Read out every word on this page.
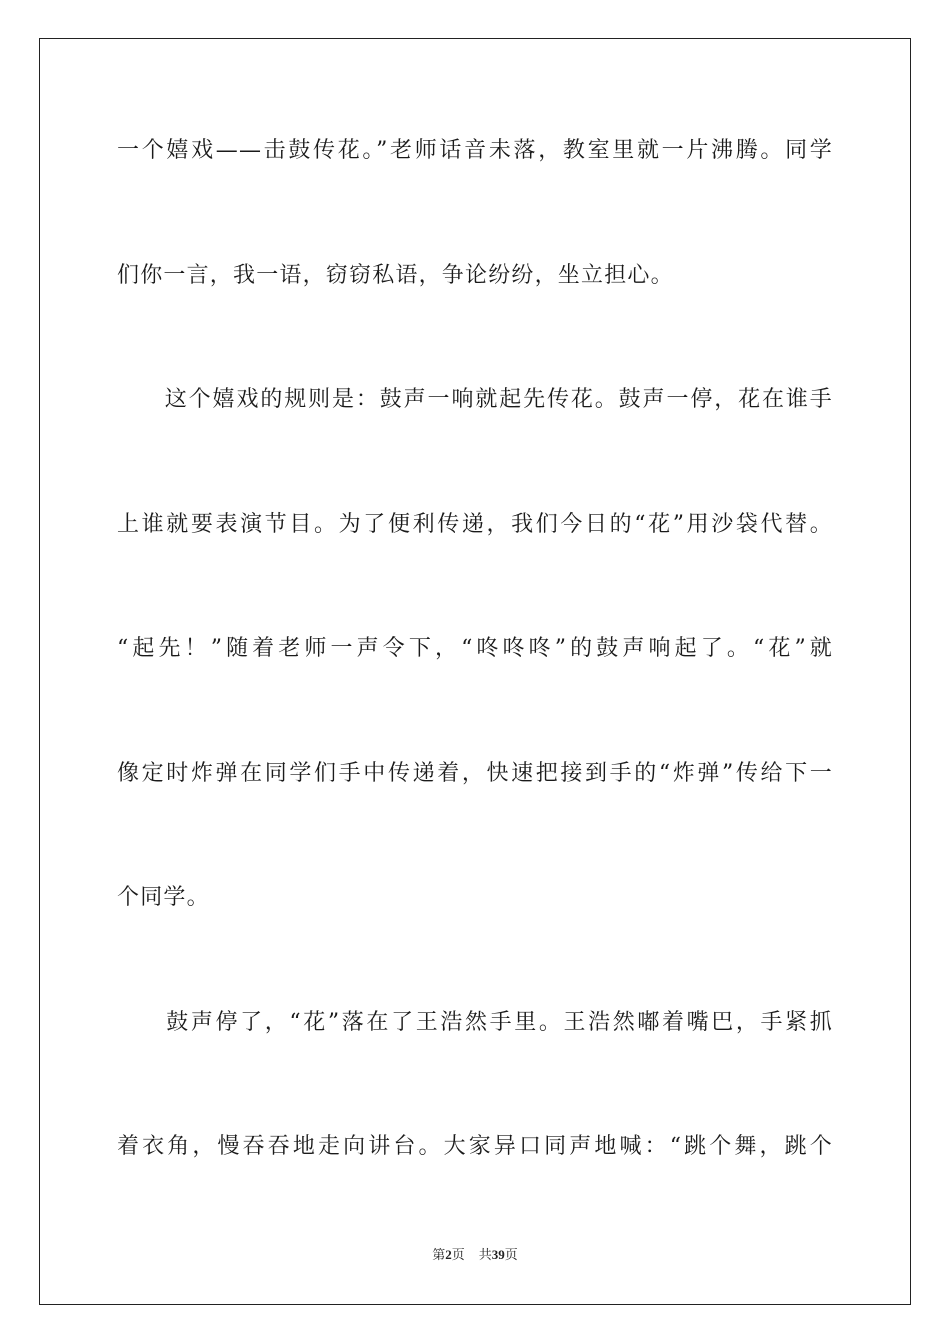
一个嬉戏——击鼓传花。”老师话音未落，教室里就一片沸腾。同学
们你一言，我一语，窃窃私语，争论纷纷，坐立担心。
　　这个嬉戏的规则是：鼓声一响就起先传花。鼓声一停，花在谁手
上谁就要表演节目。为了便利传递，我们今日的“花”用沙袋代替。
“起先！”随着老师一声令下，“咚咚咚”的鼓声响起了。“花”就
像定时炸弹在同学们手中传递着，快速把接到手的“炸弹”传给下一
个同学。
　　鼓声停了，“花”落在了王浩然手里。王浩然嘟着嘴巴，手紧抓
着衣角，慢吞吞地走向讲台。大家异口同声地喊：“跳个舞，跳个
第2页 共39页
